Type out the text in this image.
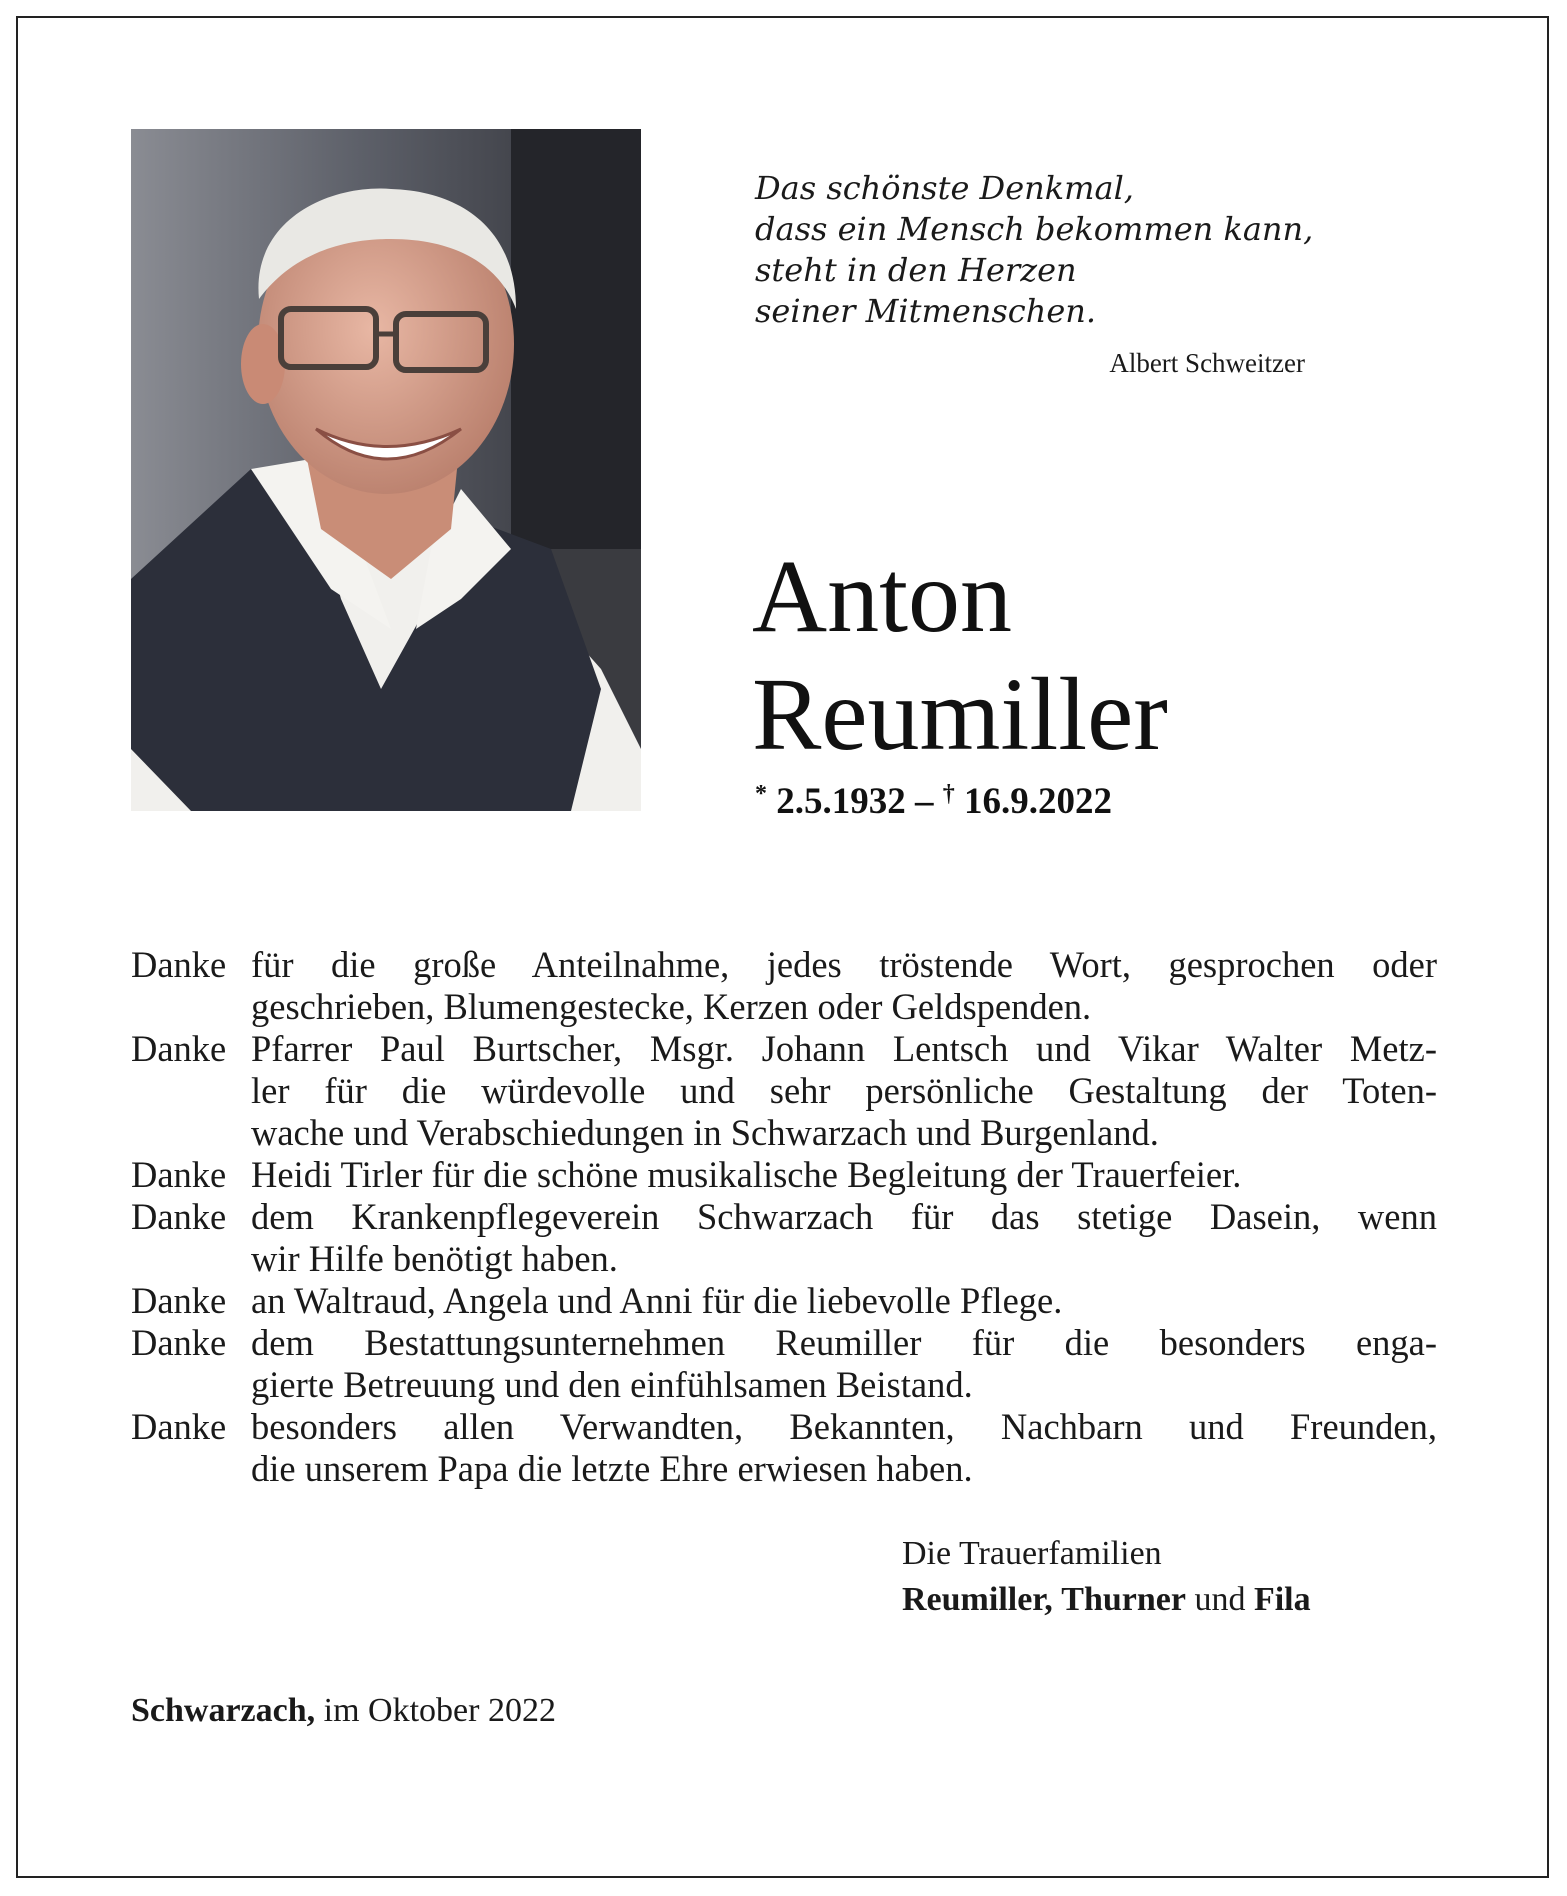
Das schönste Denkmal,
dass ein Mensch bekommen kann,
steht in den Herzen
seiner Mitmenschen.
Albert Schweitzer
Anton
Reumiller
* 2.5.1932 – † 16.9.2022
Danke für die große Anteilnahme, jedes tröstende Wort, gesprochen oder
geschrieben, Blumengestecke, Kerzen oder Geldspenden.
Danke Pfarrer Paul Burtscher, Msgr. Johann Lentsch und Vikar Walter Metz-
ler für die würdevolle und sehr persönliche Gestaltung der Toten-
wache und Verabschiedungen in Schwarzach und Burgenland.
Danke Heidi Tirler für die schöne musikalische Begleitung der Trauerfeier.
Danke dem Krankenpflegeverein Schwarzach für das stetige Dasein, wenn
wir Hilfe benötigt haben.
Danke an Waltraud, Angela und Anni für die liebevolle Pflege.
Danke dem Bestattungsunternehmen Reumiller für die besonders enga-
gierte Betreuung und den einfühlsamen Beistand.
Danke besonders allen Verwandten, Bekannten, Nachbarn und Freunden,
die unserem Papa die letzte Ehre erwiesen haben.
Die Trauerfamilien
Reumiller, Thurner und Fila
Schwarzach, im Oktober 2022
